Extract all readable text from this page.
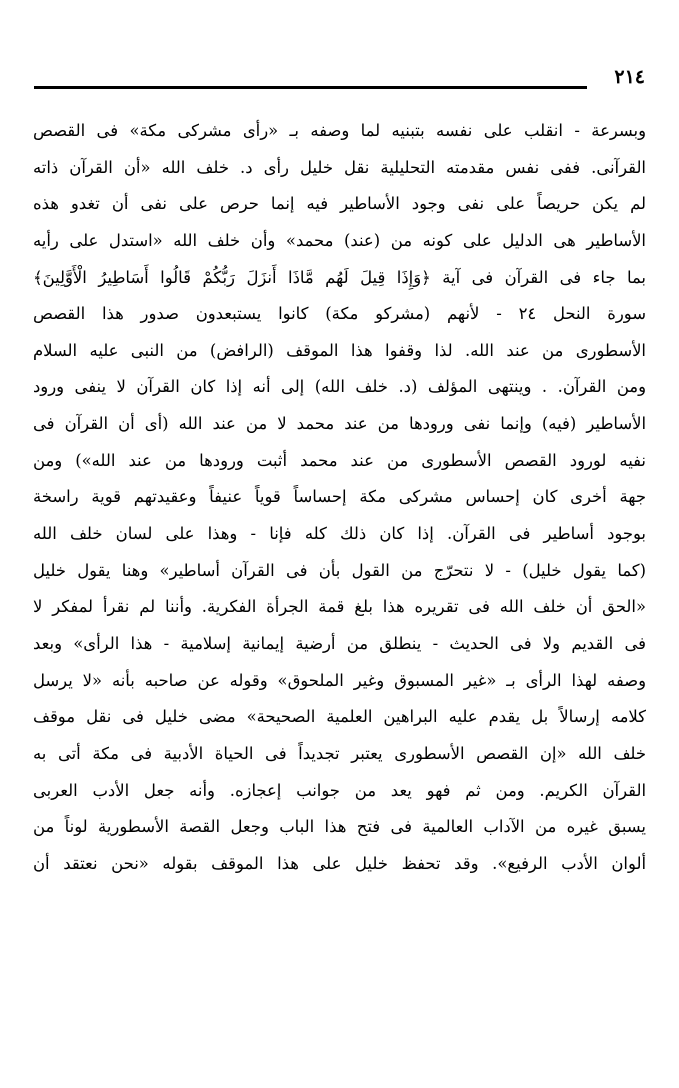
٢١٤
وبسرعة - انقلب على نفسه بتبنيه لما وصفه بـ «رأى مشركى مكة» فى القصص
القرآنى. ففى نفس مقدمته التحليلية نقل خليل رأى د. خلف الله «أن القرآن ذاته
لم يكن حريصاً على نفى وجود الأساطير فيه إنما حرص على نفى أن تغدو هذه
الأساطير هى الدليل على كونه من (عند) محمد» وأن خلف الله «استدل على رأيه
بما جاء فى القرآن فى آية ﴿وَإِذَا قِيلَ لَهُم مَّاذَا أَنزَلَ رَبُّكُمْ قَالُوا أَسَاطِيرُ الْأَوَّلِينَ﴾
سورة النحل ٢٤ - لأنهم (مشركو مكة) كانوا يستبعدون صدور هذا القصص
الأسطورى من عند الله. لذا وقفوا هذا الموقف (الرافض) من النبى عليه السلام
ومن القرآن. . وينتهى المؤلف (د. خلف الله) إلى أنه إذا كان القرآن لا ينفى ورود
الأساطير (فيه) وإنما نفى ورودها من عند محمد لا من عند الله (أى أن القرآن فى
نفيه لورود القصص الأسطورى من عند محمد أثبت ورودها من عند الله») ومن
جهة أخرى كان إحساس مشركى مكة إحساساً قوياً عنيفاً وعقيدتهم قوية راسخة
بوجود أساطير فى القرآن. إذا كان ذلك كله فإنا - وهذا على لسان خلف الله
(كما يقول خليل) - لا نتحرّج من القول بأن فى القرآن أساطير» وهنا يقول خليل
«الحق أن خلف الله فى تقريره هذا بلغ قمة الجرأة الفكرية. وأننا لم نقرأ لمفكر لا
فى القديم ولا فى الحديث - ينطلق من أرضية إيمانية إسلامية - هذا الرأى» وبعد
وصفه لهذا الرأى بـ «غير المسبوق وغير الملحوق» وقوله عن صاحبه بأنه «لا يرسل
كلامه إرسالاً بل يقدم عليه البراهين العلمية الصحيحة» مضى خليل فى نقل موقف
خلف الله «إن القصص الأسطورى يعتبر تجديداً فى الحياة الأدبية فى مكة أتى به
القرآن الكريم. ومن ثم فهو يعد من جوانب إعجازه. وأنه جعل الأدب العربى
يسبق غيره من الآداب العالمية فى فتح هذا الباب وجعل القصة الأسطورية لوناً من
ألوان الأدب الرفيع». وقد تحفظ خليل على هذا الموقف بقوله «نحن نعتقد أن
